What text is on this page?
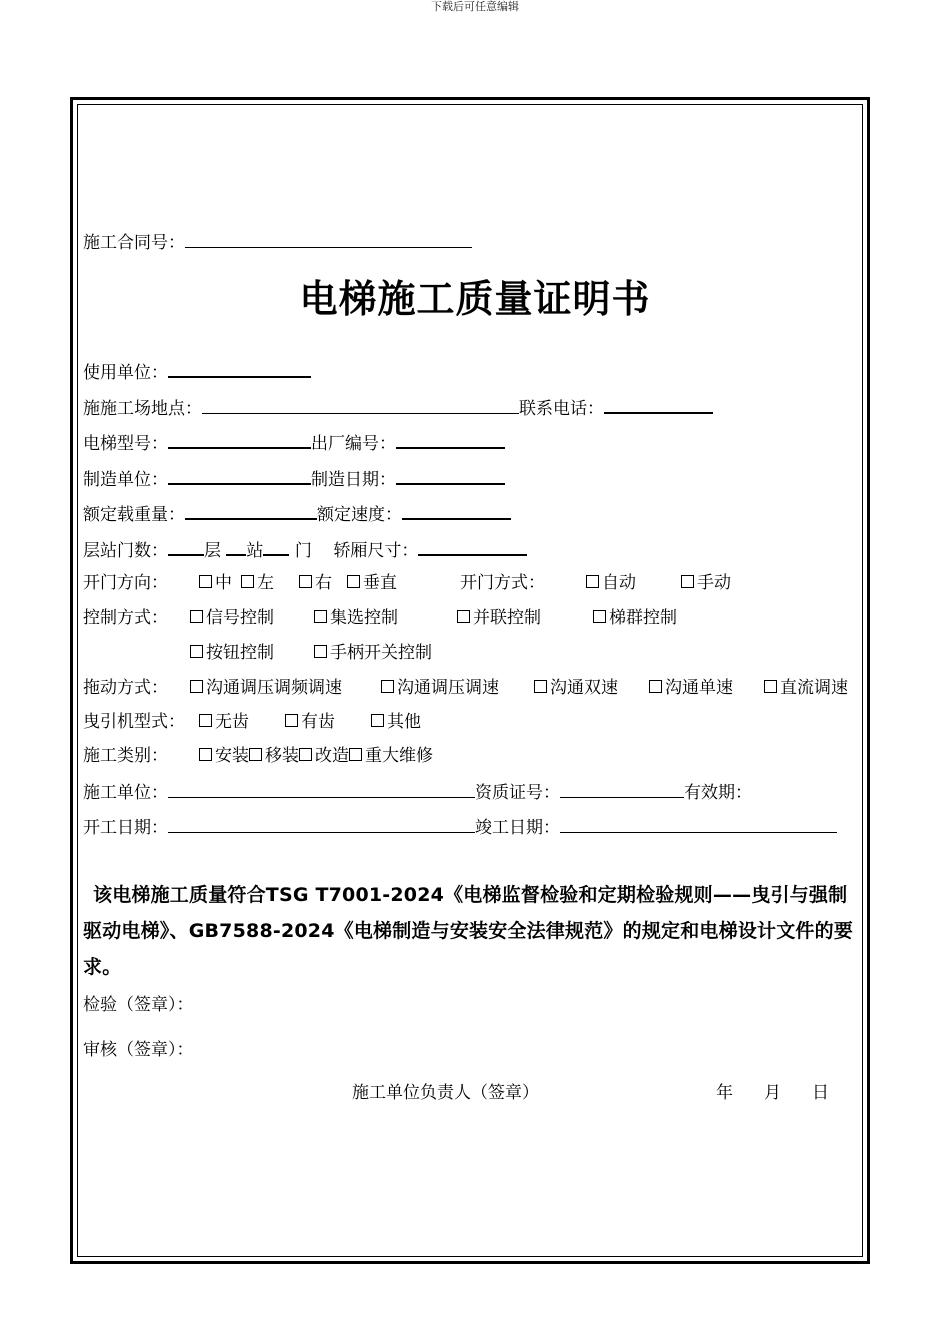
下载后可任意编辑
施工合同号：
电梯施工质量证明书
使用单位：
施施工场地点：	联系电话：
电梯型号：	出厂编号：
制造单位：	制造日期：
额定载重量：	额定速度：
层站门数： 层 站 门 轿厢尺寸：
开门方向：	中	左	右	垂直	开门方式：	自动	手动
控制方式：	信号控制	集选控制	并联控制	梯群控制
按钮控制	手柄开关控制
拖动方式：	沟通调压调频调速	沟通调压调速	沟通双速	沟通单速	直流调速
曳引机型式：	无齿	有齿	其他
施工类别：	安装 移装 改造 重大维修
施工单位：	资质证号：	有效期：
开工日期：	竣工日期：
该电梯施工质量符合TSG T7001-2024《电梯监督检验和定期检验规则——曳引与强制驱动电梯》、GB7588-2024《电梯制造与安装安全法律规范》的规定和电梯设计文件的要求。
检验（签章）：
审核（签章）：
施工单位负责人（签章）	年 月 日
